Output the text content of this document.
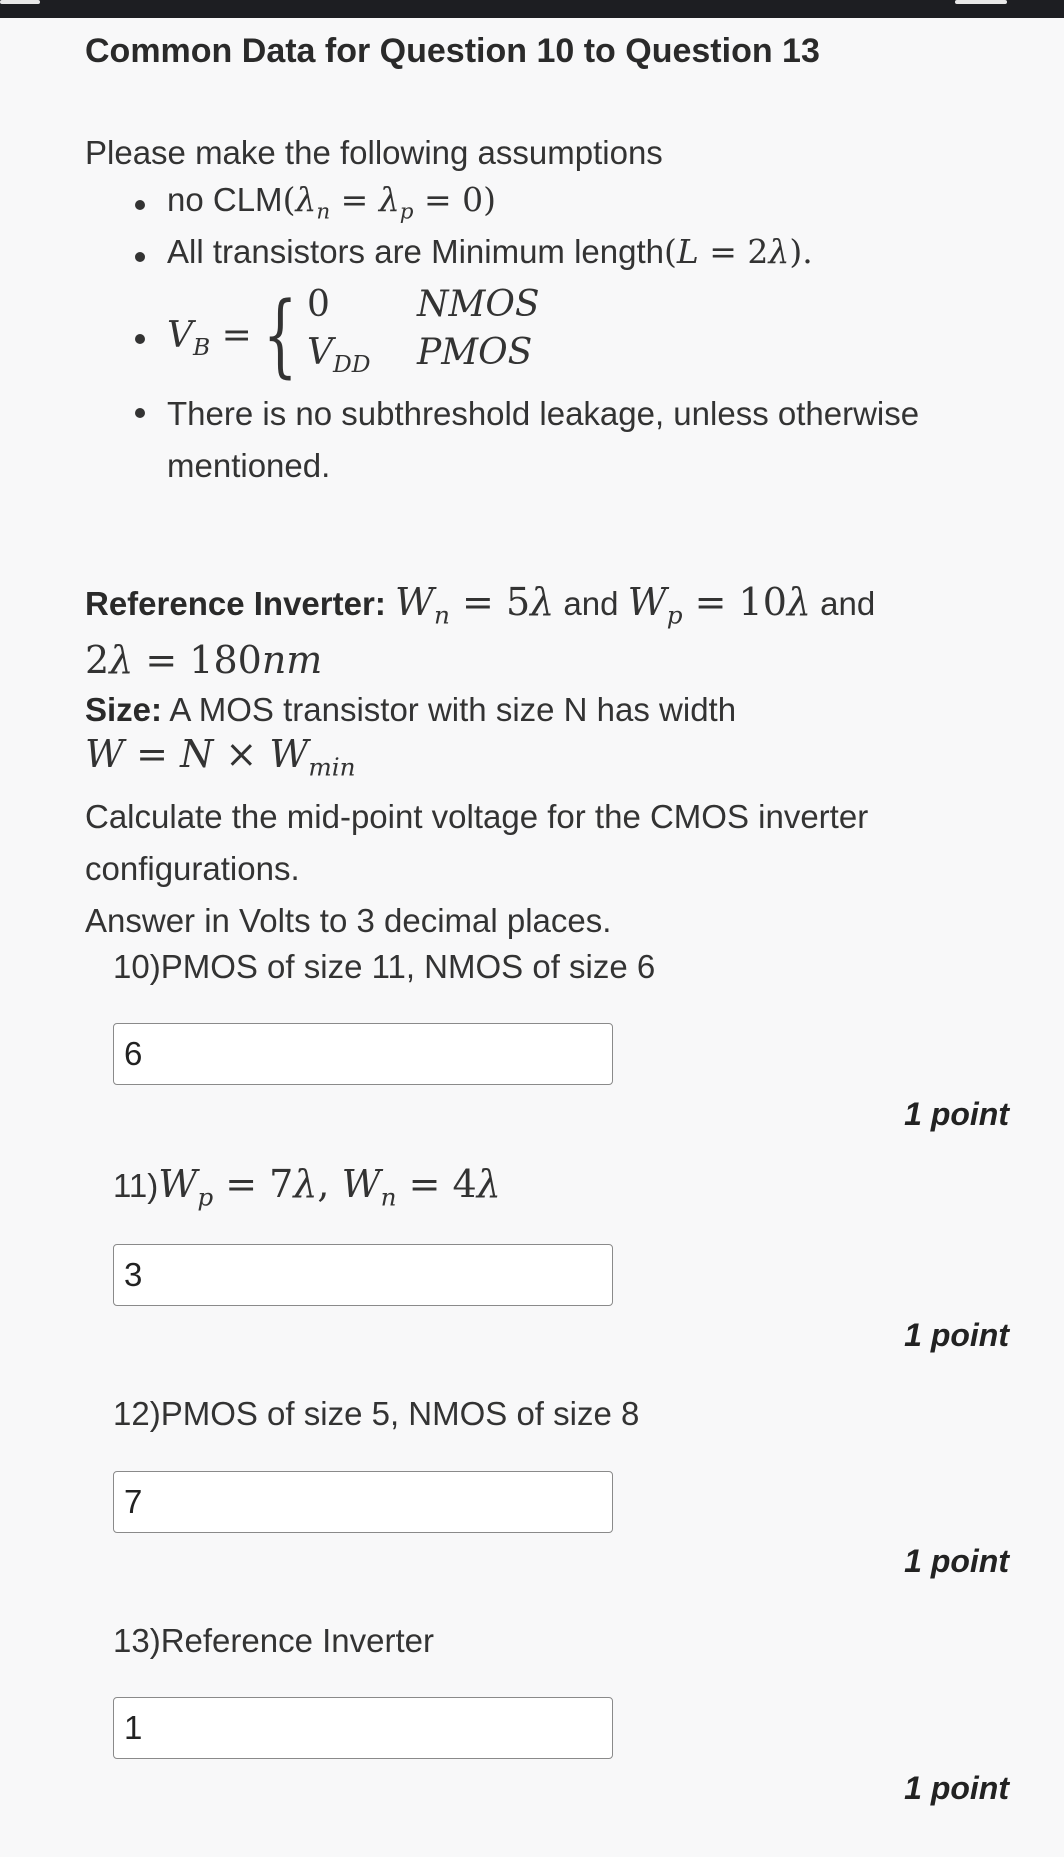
Common Data for Question 10 to Question 13
Please make the following assumptions
no $CLM(\lambda_n = \lambda_p = 0)$
All transistors are Minimum length(L = 2λ).
$V_B$ = { 0 NMOS
$V_{DD}$ PMOS
There is no subthreshold leakage, unless otherwise mentioned.
Reference Inverter: $W_n = 5\lambda$ and $W_p = 10\lambda$ and
2λ = 180nm
Size: A MOS transistor with size N has width
$W = N \times W_{min}$
Calculate the mid-point voltage for the CMOS inverter configurations.
Answer in Volts to 3 decimal places.
10)PMOS of size 11, NMOS of size 6
6
1 point
$11)W_p = 7\lambda$, $W_n = 4\lambda$
3
1 point
12)PMOS of size 5, NMOS of size 8
7
1 point
13)Reference Inverter
1
1 point
